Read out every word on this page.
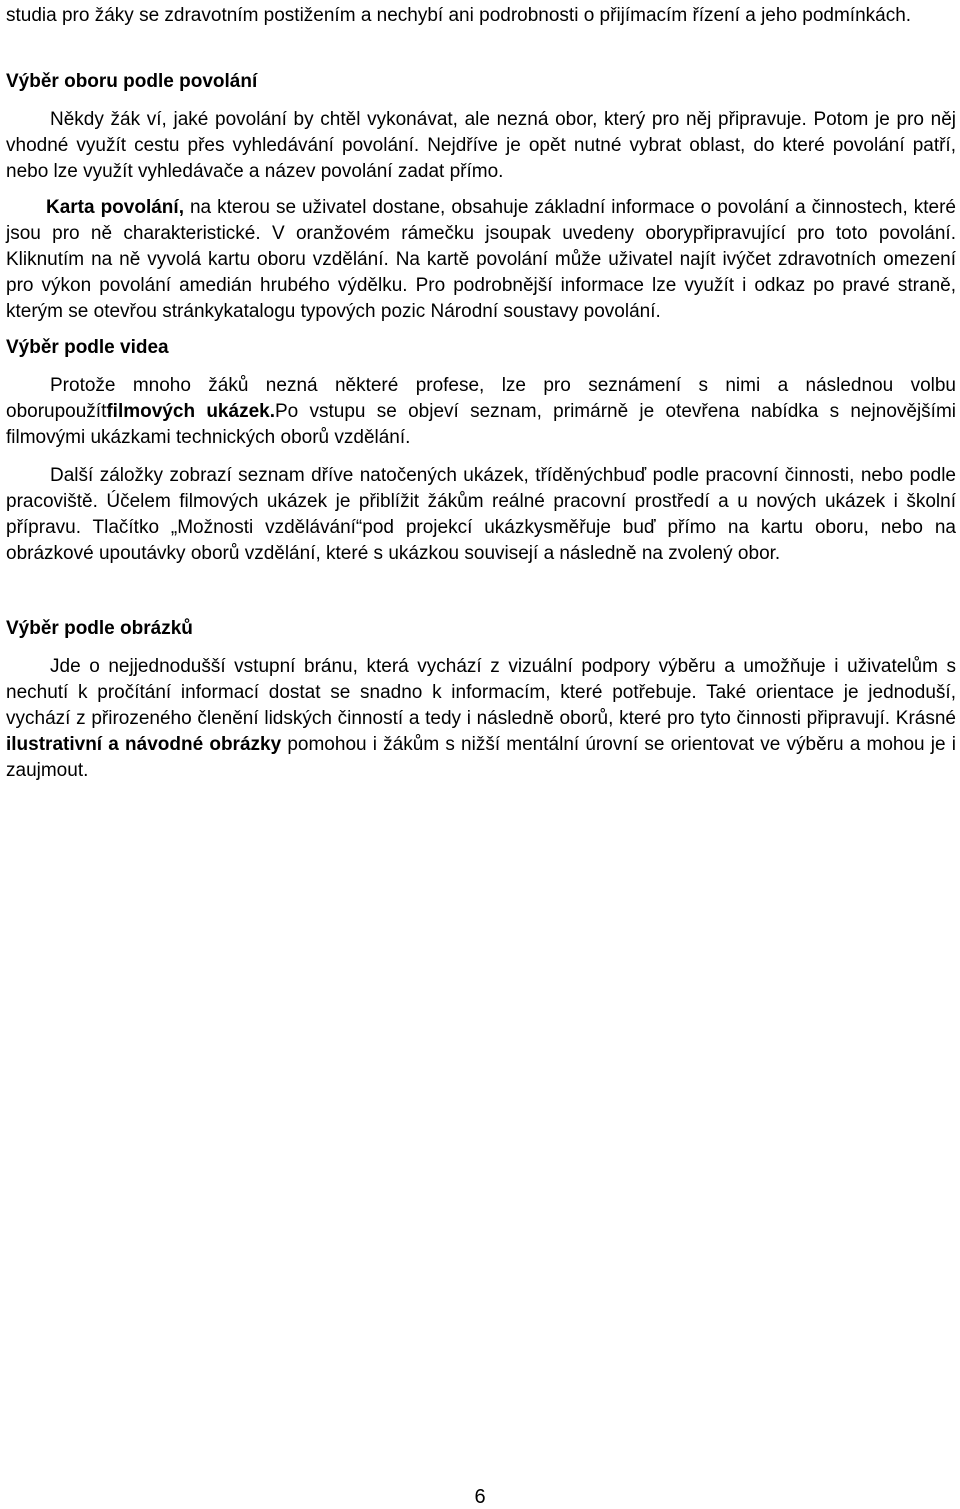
studia pro žáky se zdravotním postižením a nechybí ani podrobnosti o přijímacím řízení a jeho podmínkách.

Výběr oboru podle povolání

Někdy žák ví, jaké povolání by chtěl vykonávat, ale nezná obor, který pro něj připravuje. Potom je pro něj vhodné využít cestu přes vyhledávání povolání. Nejdříve je opět nutné vybrat oblast, do které povolání patří, nebo lze využít vyhledávače a název povolání zadat přímo.

Karta povolání, na kterou se uživatel dostane, obsahuje základní informace o povolání a činnostech, které jsou pro ně charakteristické. V oranžovém rámečku jsoupak uvedeny oborypřipravující pro toto povolání. Kliknutím na ně vyvolá kartu oboru vzdělání. Na kartě povolání může uživatel najít ivýčet zdravotních omezení pro výkon povolání amedián hrubého výdělku. Pro podrobnější informace lze využít i odkaz po pravé straně, kterým se otevřou stránkykatalogu typových pozic Národní soustavy povolání.

Výběr podle videa

Protože mnoho žáků nezná některé profese, lze pro seznámení s nimi a následnou volbu oborupoužítfilmových ukázek.Po vstupu se objeví seznam, primárně je otevřena nabídka s nejnovějšími filmovými ukázkami technických oborů vzdělání.

Další záložky zobrazí seznam dříve natočených ukázek, tříděnýchbuď podle pracovní činnosti, nebo podle pracoviště. Účelem filmových ukázek je přiblížit žákům reálné pracovní prostředí a u nových ukázek i školní přípravu. Tlačítko „Možnosti vzdělávání“pod projekcí ukázkysměřuje buď přímo na kartu oboru, nebo na obrázkové upoutávky oborů vzdělání, které s ukázkou souvisejí a následně na zvolený obor.

Výběr podle obrázků

Jde o nejjednodušší vstupní bránu, která vychází z vizuální podpory výběru a umožňuje i uživatelům s nechutí k pročítání informací dostat se snadno k informacím, které potřebuje. Také orientace je jednoduší, vychází z přirozeného členění lidských činností a tedy i následně oborů, které pro tyto činnosti připravují. Krásné ilustrativní a návodné obrázky pomohou i žákům s nižší mentální úrovní se orientovat ve výběru a mohou je i zaujmout.

6
